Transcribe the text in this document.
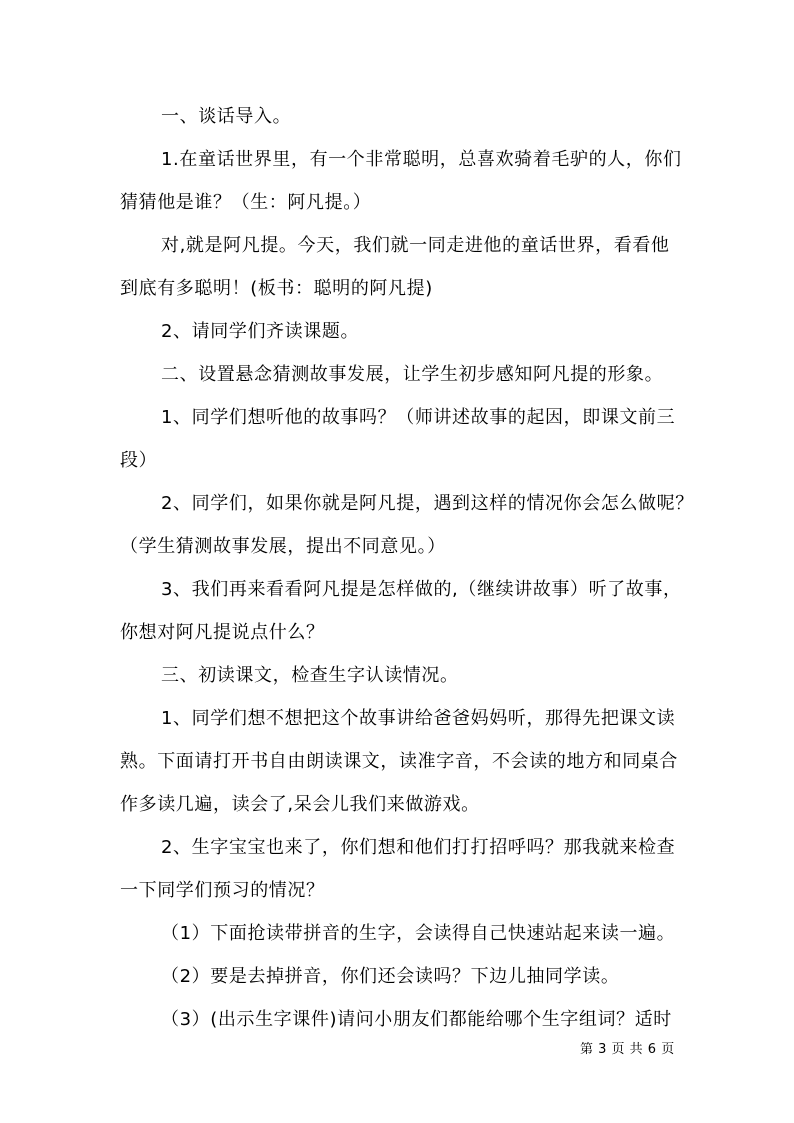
一、谈话导入。
1.在童话世界里，有一个非常聪明，总喜欢骑着毛驴的人，你们
猜猜他是谁？（生：阿凡提。）
对,就是阿凡提。今天，我们就一同走进他的童话世界，看看他
到底有多聪明！(板书：聪明的阿凡提)
2、请同学们齐读课题。
二、设置悬念猜测故事发展，让学生初步感知阿凡提的形象。
1、同学们想听他的故事吗？（师讲述故事的起因，即课文前三
段）
2、同学们，如果你就是阿凡提，遇到这样的情况你会怎么做呢？
（学生猜测故事发展，提出不同意见。）
3、我们再来看看阿凡提是怎样做的,（继续讲故事）听了故事，
你想对阿凡提说点什么？
三、初读课文，检查生字认读情况。
1、同学们想不想把这个故事讲给爸爸妈妈听，那得先把课文读
熟。下面请打开书自由朗读课文，读准字音，不会读的地方和同桌合
作多读几遍，读会了,呆会儿我们来做游戏。
2、生字宝宝也来了，你们想和他们打打招呼吗？那我就来检查
一下同学们预习的情况？
（1）下面抢读带拼音的生字，会读得自己快速站起来读一遍。
（2）要是去掉拼音，你们还会读吗？下边儿抽同学读。
（3）(出示生字课件)请问小朋友们都能给哪个生字组词？适时
第 3 页 共 6 页
